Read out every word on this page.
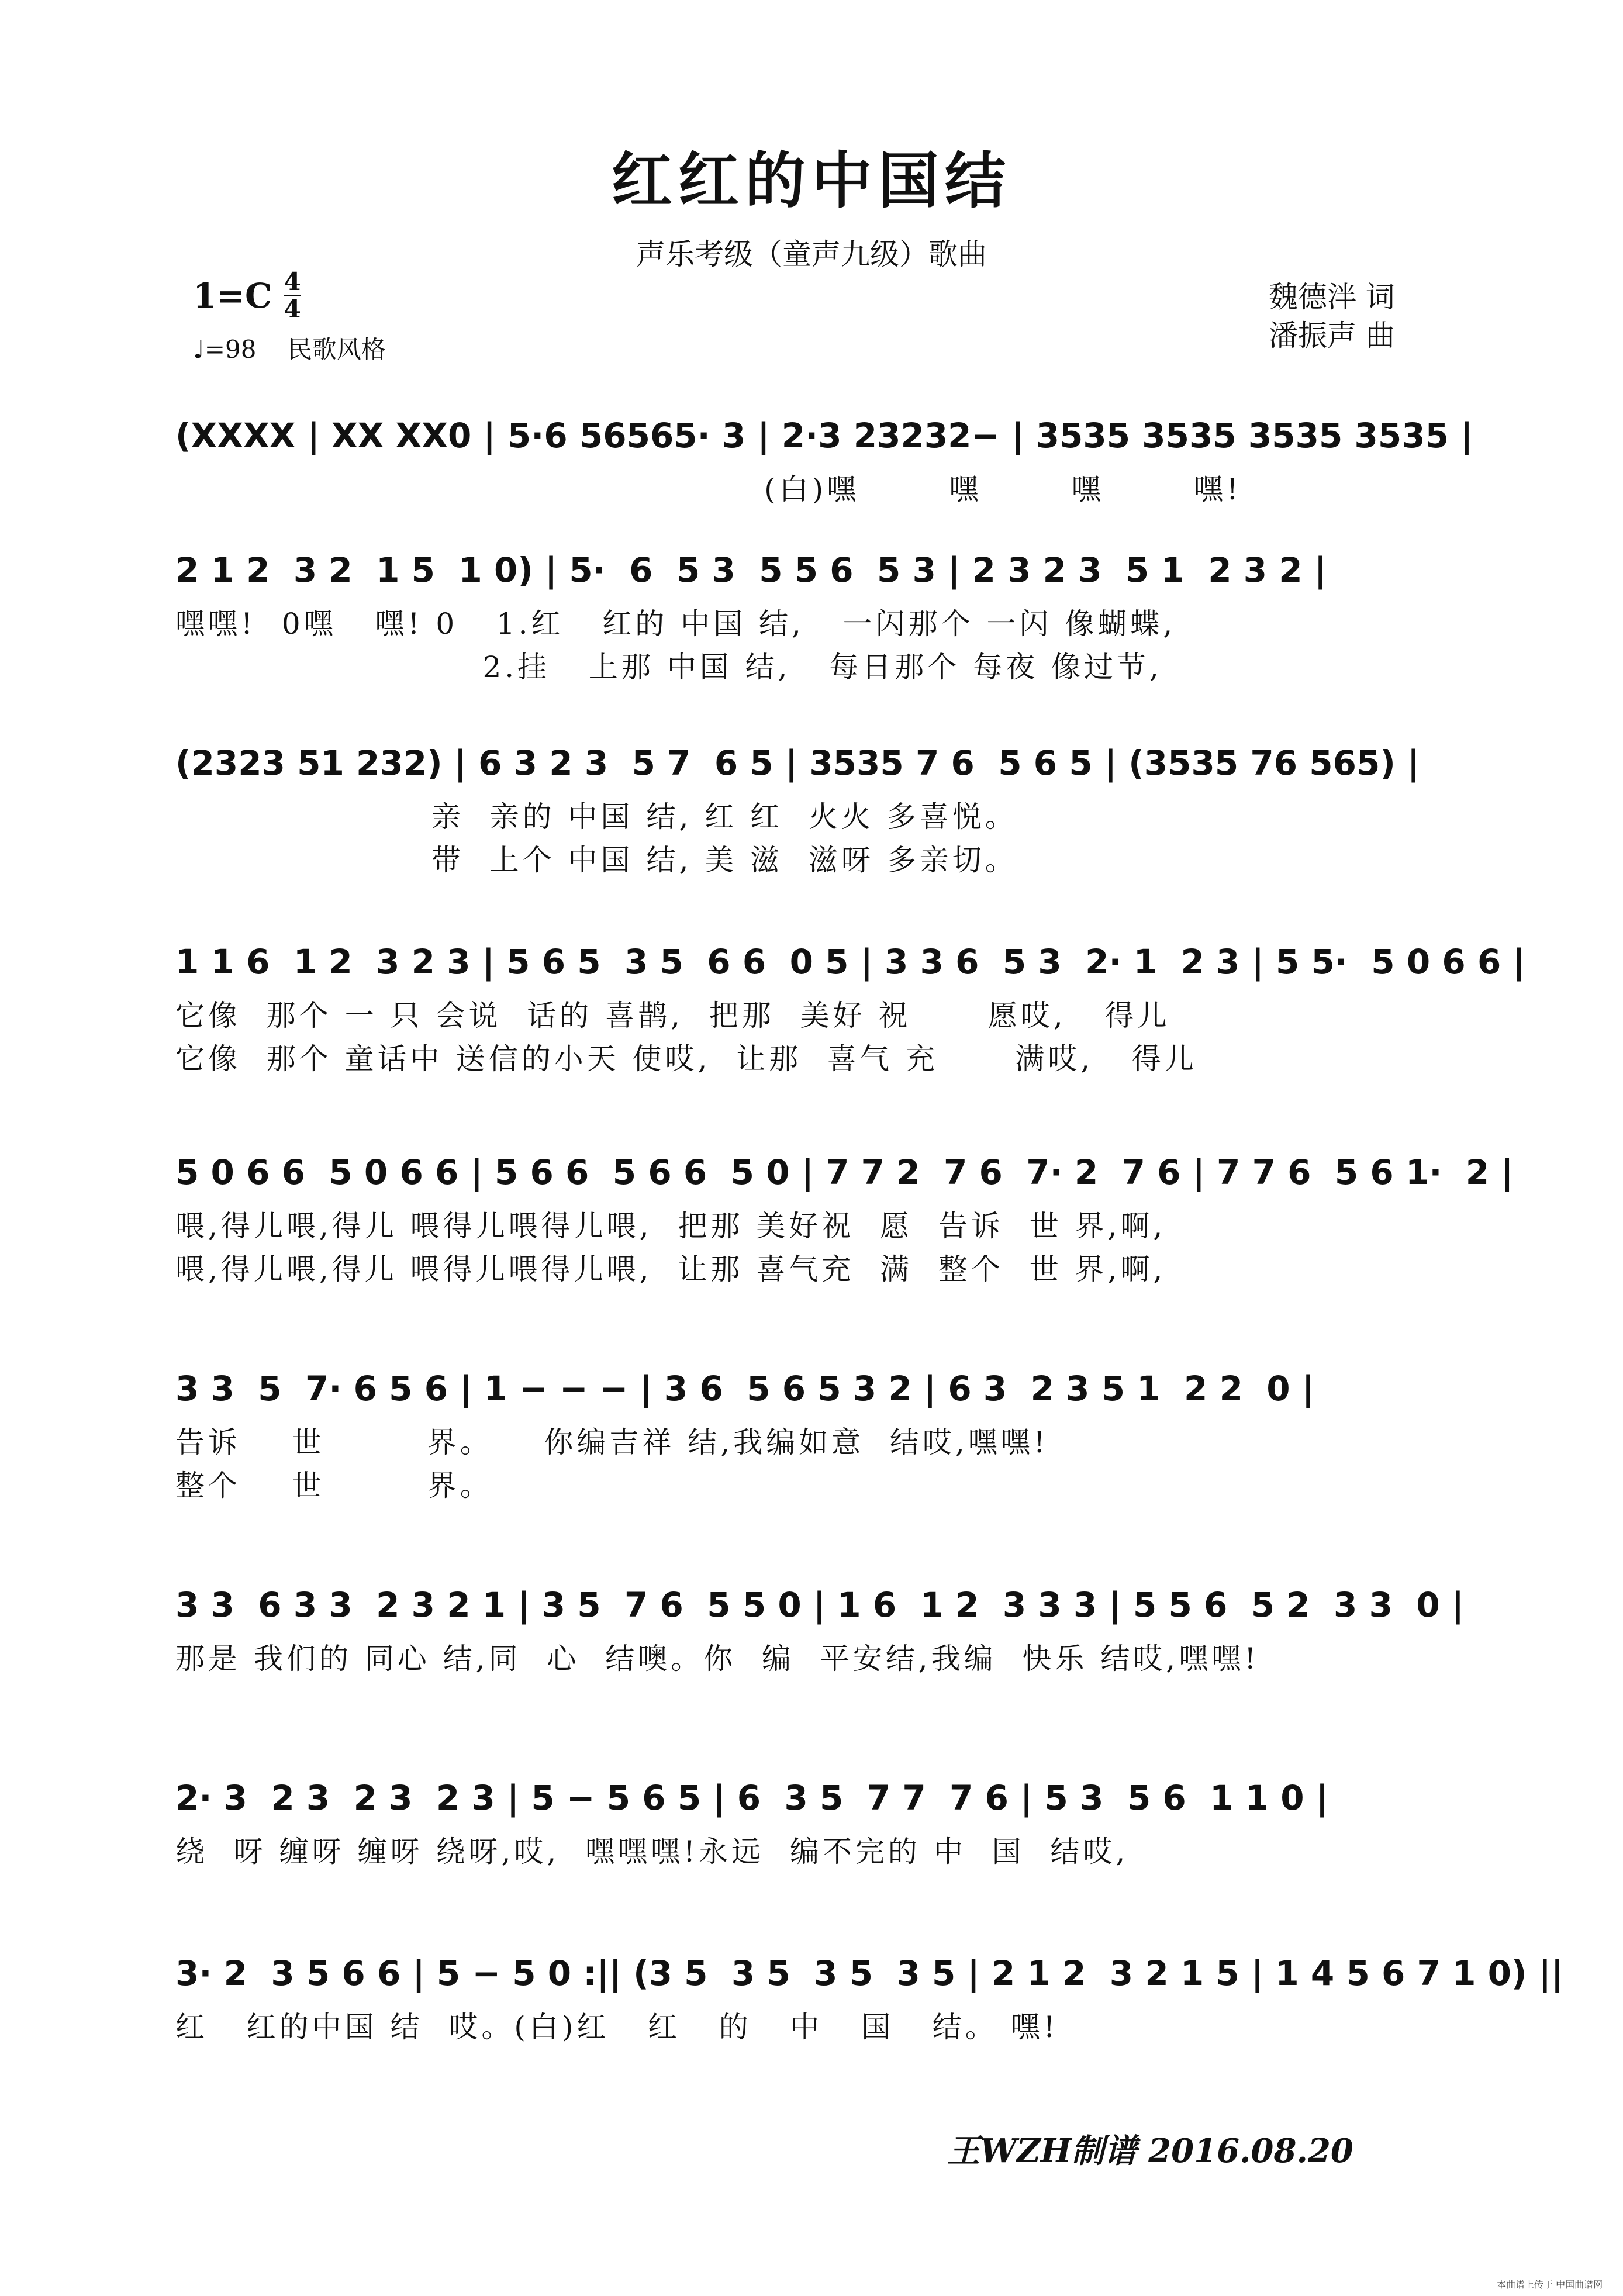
红红的中国结
声乐考级（童声九级）歌曲
1=C 4
4
♩=98 民歌风格
魏德泮 词
潘振声 曲
(XXXX | XX XX0 | 5·6 56565· 3 | 2·3 23232− | 3535 3535 3535 3535 |
(白)嘿       嘿       嘿       嘿!
2 1 2  3 2  1 5  1 0) | 5·  6  5 3  5 5 6  5 3 | 2 3 2 3  5 1  2 3 2 |
嘿嘿!  0嘿   嘿! 0   1.红   红的 中国 结,   一闪那个 一闪 像蝴蝶,
2.挂   上那 中国 结,   每日那个 每夜 像过节,
(2323 51 232) | 6 3 2 3  5 7  6 5 | 3535 7 6  5 6 5 | (3535 76 565) |
亲  亲的 中国 结, 红 红  火火 多喜悦。
带  上个 中国 结, 美 滋  滋呀 多亲切。
1 1 6  1 2  3 2 3 | 5 6 5  3 5  6 6  0 5 | 3 3 6  5 3  2· 1  2 3 | 5 5·  5 0 6 6 |
它像  那个 一 只 会说  话的 喜鹊,  把那  美好 祝      愿哎,   得儿
它像  那个 童话中 送信的小天 使哎,  让那  喜气 充      满哎,   得儿
5 0 6 6  5 0 6 6 | 5 6 6  5 6 6  5 0 | 7 7 2  7 6  7· 2  7 6 | 7 7 6  5 6 1·  2 |
喂,得儿喂,得儿 喂得儿喂得儿喂,  把那 美好祝  愿  告诉  世 界,啊,
喂,得儿喂,得儿 喂得儿喂得儿喂,  让那 喜气充  满  整个  世 界,啊,
3 3  5  7· 6 5 6 | 1 − − − | 3 6  5 6 5 3 2 | 6 3  2 3 5 1  2 2  0 |
告诉    世        界。    你编吉祥 结,我编如意  结哎,嘿嘿!
整个    世        界。
3 3  6 3 3  2 3 2 1 | 3 5  7 6  5 5 0 | 1 6  1 2  3 3 3 | 5 5 6  5 2  3 3  0 |
那是 我们的 同心 结,同  心  结噢。你  编  平安结,我编  快乐 结哎,嘿嘿!
2· 3  2 3  2 3  2 3 | 5 − 5 6 5 | 6  3 5  7 7  7 6 | 5 3  5 6  1 1 0 |
绕  呀 缠呀 缠呀 绕呀,哎,  嘿嘿嘿!永远  编不完的 中  国  结哎,
3· 2  3 5 6 6 | 5 − 5 0 :|| (3 5  3 5  3 5  3 5 | 2 1 2  3 2 1 5 | 1 4 5 6 7 1 0) ||
红   红的中国 结  哎。(白)红   红   的   中   国   结。 嘿!
王WZH制谱 2016.08.20
本曲谱上传于 中国曲谱网
